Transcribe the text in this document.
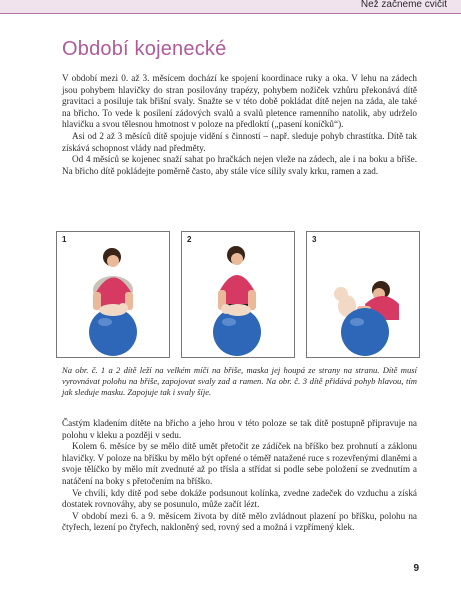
Než začneme cvičit
Období kojenecké

V období mezi 0. až 3. měsícem dochází ke spojení koordinace ruky a oka. V lehu na zádech jsou pohybem hlavičky do stran posilovány trapézy, pohybem nožiček vzhůru překonává dítě gravitaci a posiluje tak břišní svaly. Snažte se v této době pokládat dítě nejen na záda, ale také na břicho. To vede k posílení zádových svalů a svalů pletence ramenního natolik, aby udrželo hlavičku a svou tělesnou hmotnost v poloze na předloktí („pasení koníčků“).

Asi od 2 až 3 měsíců dítě spojuje vidění s činností – např. sleduje pohyb chrastítka. Dítě tak získává schopnost vlády nad předměty.

Od 4 měsíců se kojenec snaží sahat po hračkách nejen vleže na zádech, ale i na boku a břiše. Na břicho dítě pokládejte poměrně často, aby stále více sílily svaly krku, ramen a zad.

1	2	3

Na obr. č. 1 a 2 dítě leží na velkém míči na břiše, maska jej houpá ze strany na stranu. Dítě musí vyrovnávat polohu na břiše, zapojovat svaly zad a ramen. Na obr. č. 3 dítě přidává pohyb hlavou, tím jak sleduje masku. Zapojuje tak i svaly šíje.

Častým kladením dítěte na břicho a jeho hrou v této poloze se tak dítě postupně připravuje na polohu v kleku a později v sedu.

Kolem 6. měsíce by se mělo dítě umět přetočit ze zádíček na bříško bez prohnutí a záklonu hlavičky. V poloze na bříšku by mělo být opřené o téměř natažené ruce s rozevřenými dlaněmi a svoje tělíčko by mělo mít zvednuté až po třísla a střídat si podle sebe položení se zvednutím a natáčení na boky s přetočením na bříško.

Ve chvíli, kdy dítě pod sebe dokáže podsunout kolínka, zvedne zadeček do vzduchu a získá dostatek rovnováhy, aby se posunulo, může začít lézt.

V období mezi 6. a 9. měsícem života by dítě mělo zvládnout plazení po bříšku, polohu na čtyřech, lezení po čtyřech, nakloněný sed, rovný sed a možná i vzpřímený klek.

9
